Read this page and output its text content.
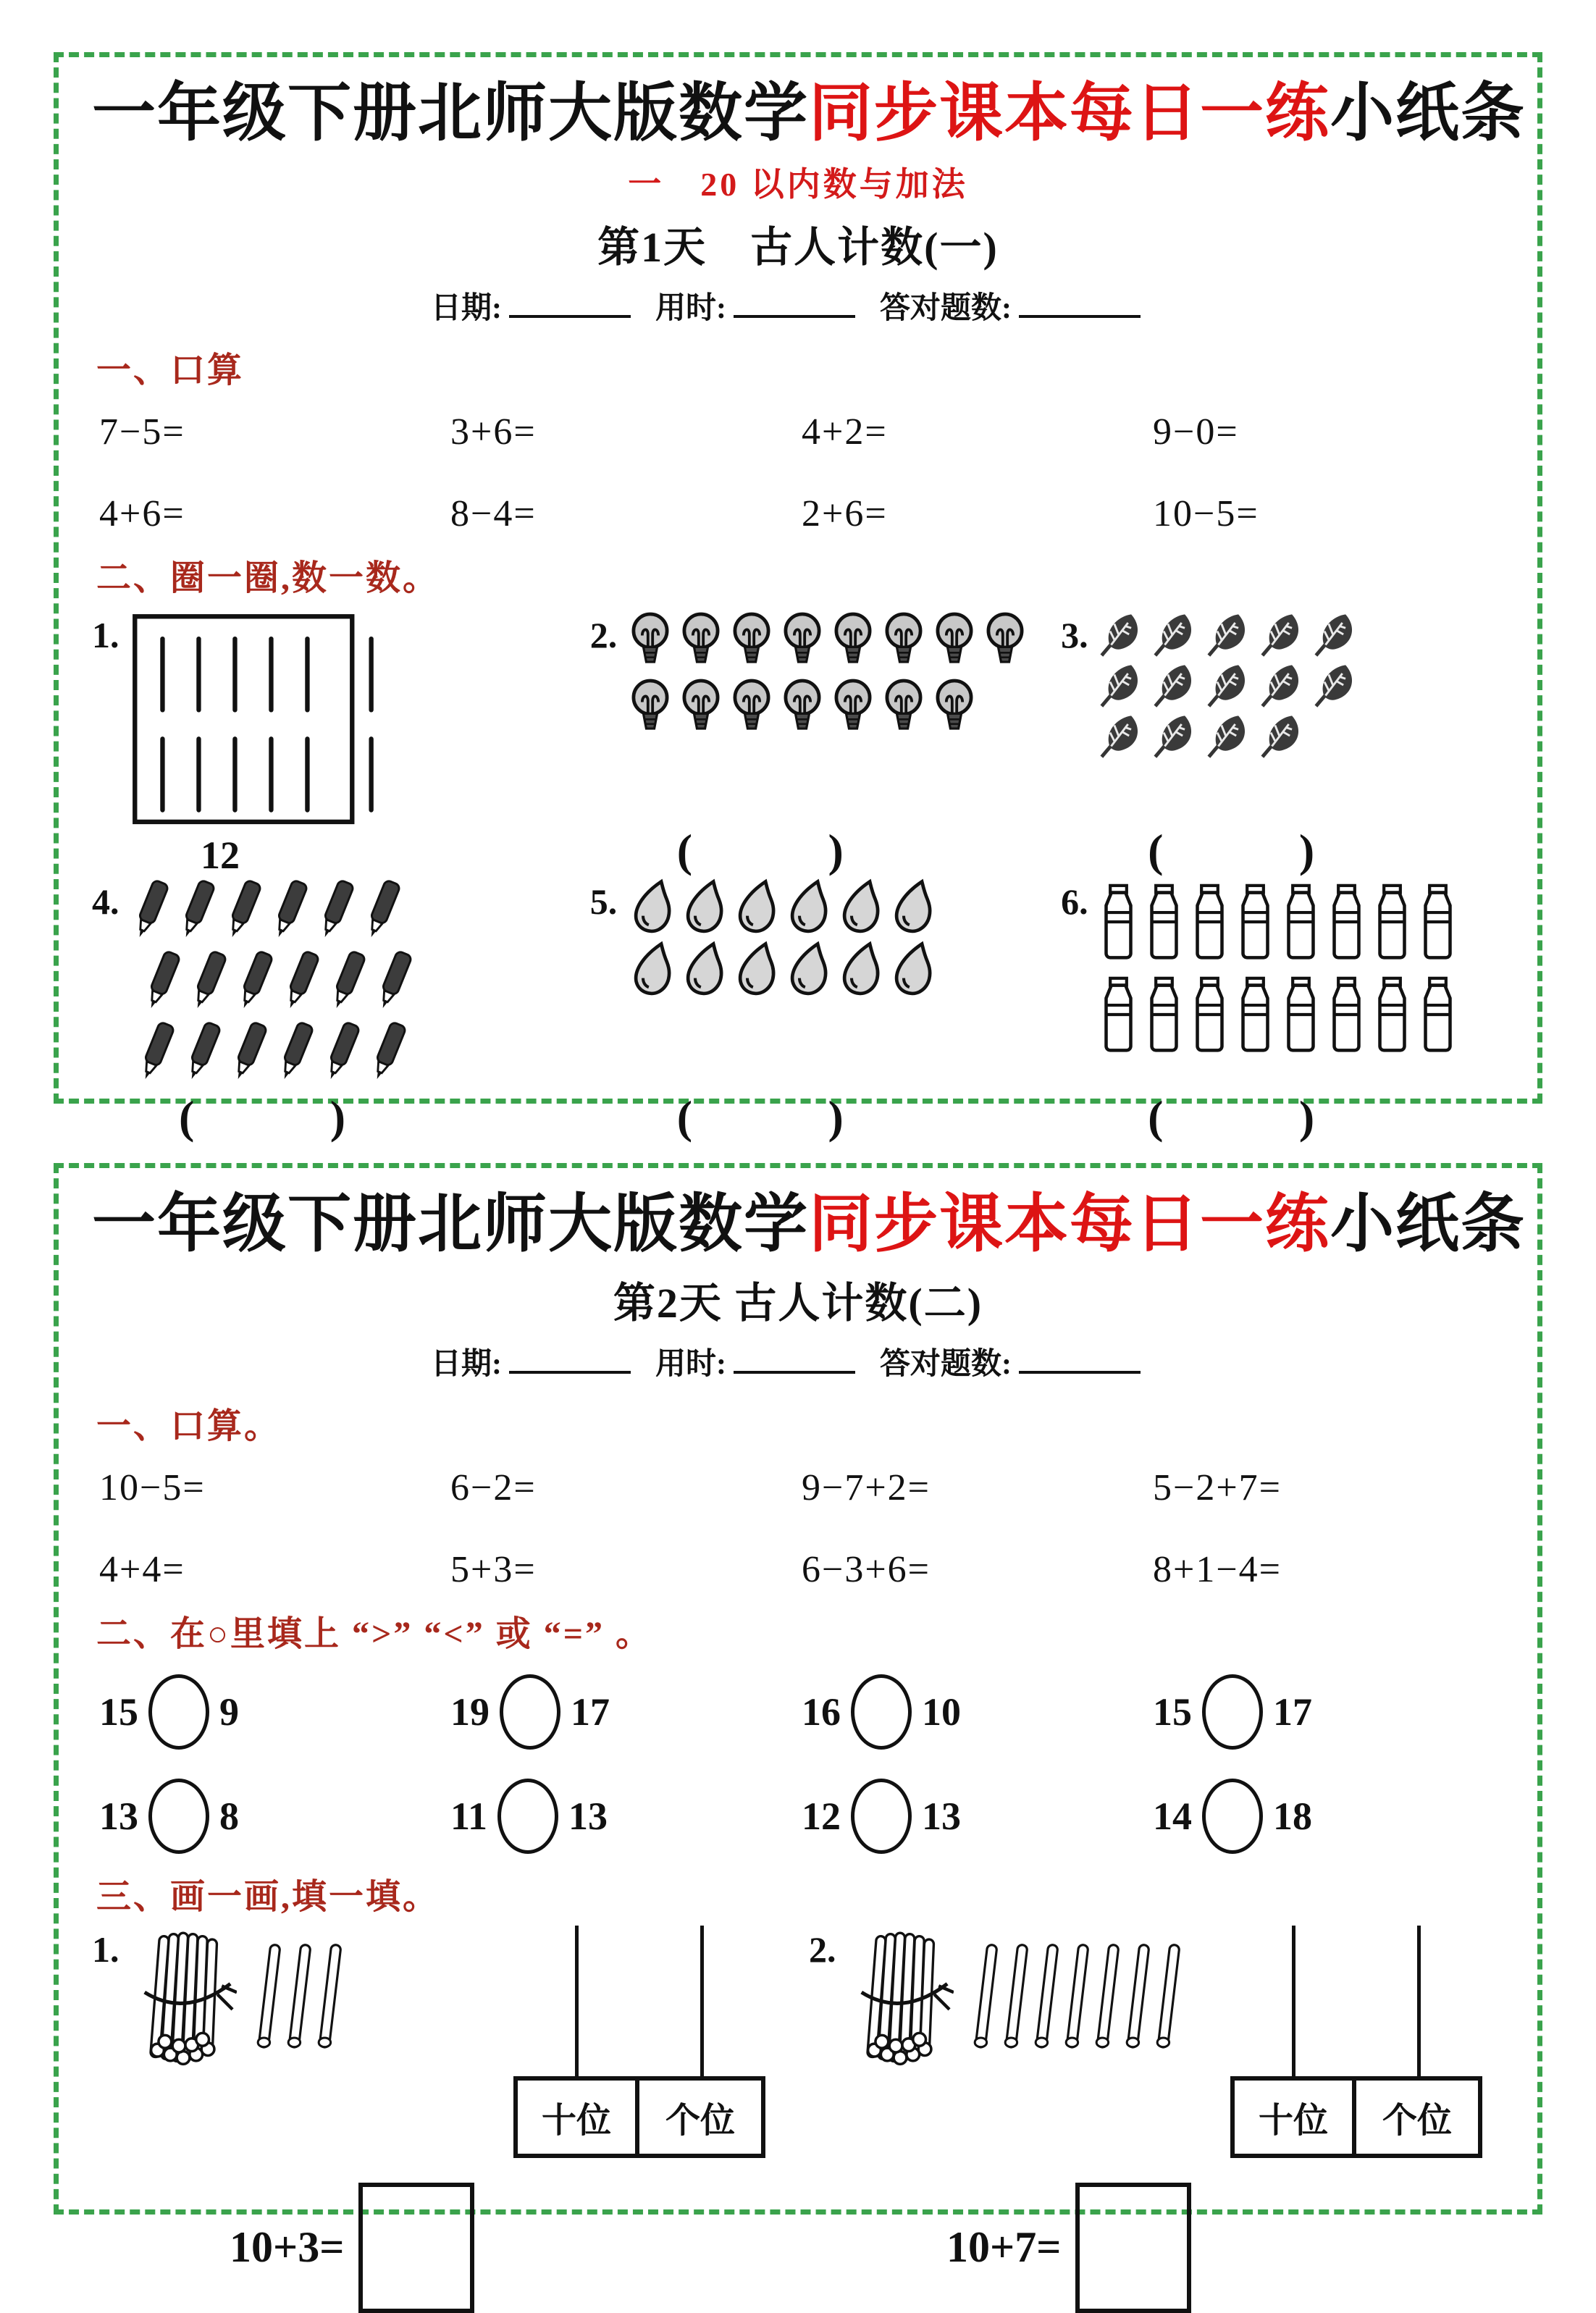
一年级下册北师大版数学同步课本每日一练小纸条
一　20 以内数与加法
第1天　古人计数(一)
日期:	用时:	答对题数:
一、口算
7−5=	3+6=	4+2=	9−0=
4+6=	8−4=	2+6=	10−5=
二、圈一圈,数一数。
1.
12
2.
(	)
3.
(	)
4.
(	)
5.
(	)
6.
(	)
一年级下册北师大版数学同步课本每日一练小纸条
第2天 古人计数(二)
日期:	用时:	答对题数:
一、口算。
10−5=	6−2=	9−7+2=	5−2+7=
4+4=	5+3=	6−3+6=	8+1−4=
二、在○里填上 “>” “<” 或 “=” 。
15 9	19 17	16 10	15 17
13 8	11 13	12 13	14 18
三、画一画,填一填。
1.
十位	个位
10+3=
2.
十位	个位
10+7=
